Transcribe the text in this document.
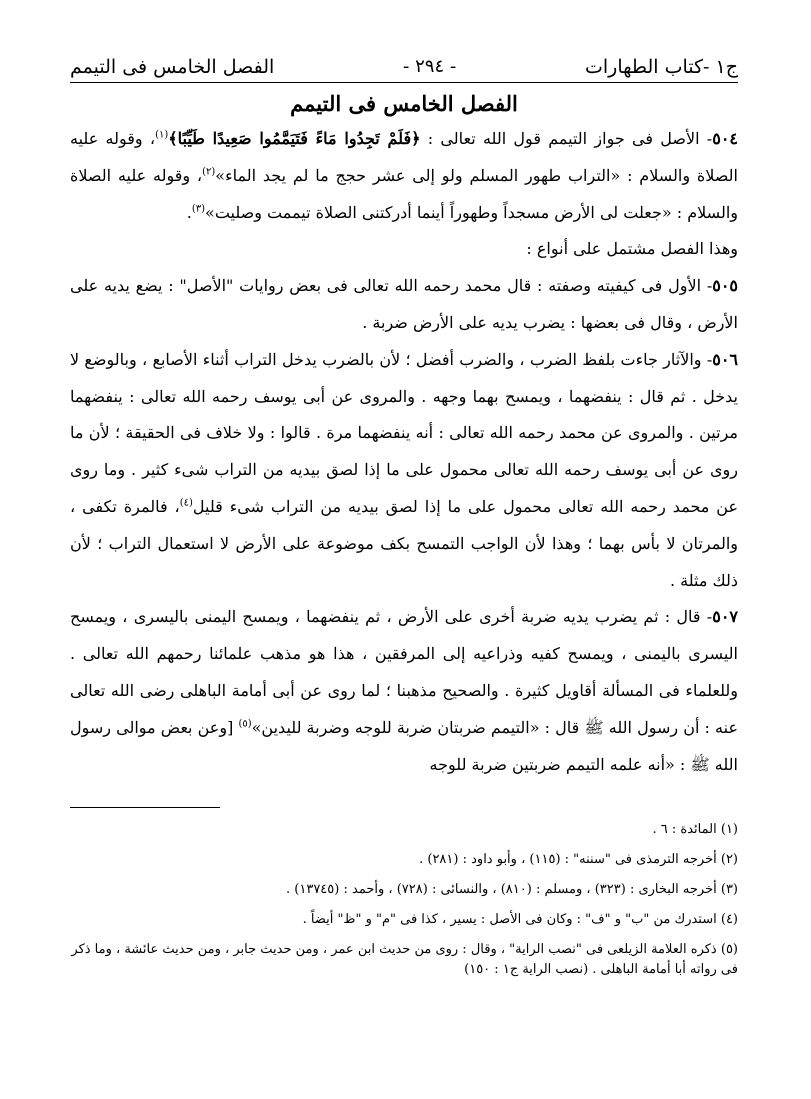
ج١ -كتاب الطهارات
- ٢٩٤ -
الفصل الخامس فى التيمم
الفصل الخامس فى التيمم

٥٠٤- الأصل فى جواز التيمم قول الله تعالى : ﴿فَلَمْ تَجِدُوا مَاءً فَتَيَمَّمُوا صَعِيدًا طَيِّبًا﴾$^{(١)}$، وقوله عليه الصلاة والسلام : «التراب طهور المسلم ولو إلى عشر حجج ما لم يجد الماء»$^{(٢)}$، وقوله عليه الصلاة والسلام : «جعلت لى الأرض مسجداً وطهوراً أينما أدركتنى الصلاة تيممت وصليت»$^{(٣)}$.

وهذا الفصل مشتمل على أنواع :

٥٠٥- الأول فى كيفيته وصفته : قال محمد رحمه الله تعالى فى بعض روايات "الأصل" : يضع يديه على الأرض ، وقال فى بعضها : يضرب يديه على الأرض ضربة .

٥٠٦- والآثار جاءت بلفظ الضرب ، والضرب أفضل ؛ لأن بالضرب يدخل التراب أثناء الأصابع ، وبالوضع لا يدخل . ثم قال : ينفضهما ، ويمسح بهما وجهه . والمروى عن أبى يوسف رحمه الله تعالى : ينفضهما مرتين . والمروى عن محمد رحمه الله تعالى : أنه ينفضهما مرة . قالوا : ولا خلاف فى الحقيقة ؛ لأن ما روى عن أبى يوسف رحمه الله تعالى محمول على ما إذا لصق بيديه من التراب شىء كثير . وما روى عن محمد رحمه الله تعالى محمول على ما إذا لصق بيديه من التراب شىء قليل$^{(٤)}$، فالمرة تكفى ، والمرتان لا بأس بهما ؛ وهذا لأن الواجب التمسح بكف موضوعة على الأرض لا استعمال التراب ؛ لأن ذلك مثلة .

٥٠٧- قال : ثم يضرب يديه ضربة أخرى على الأرض ، ثم ينفضهما ، ويمسح اليمنى باليسرى ، ويمسح اليسرى باليمنى ، ويمسح كفيه وذراعيه إلى المرفقين ، هذا هو مذهب علمائنا رحمهم الله تعالى . وللعلماء فى المسألة أقاويل كثيرة . والصحيح مذهبنا ؛ لما روى عن أبى أمامة الباهلى رضى الله تعالى عنه : أن رسول الله ﷺ قال : «التيمم ضربتان ضربة للوجه وضربة لليدين»$^{(٥)}$ [وعن بعض موالى رسول الله ﷺ : «أنه علمه التيمم ضربتين ضربة للوجه

(١) المائدة : ٦ .

(٢) أخرجه الترمذى فى "سننه" : (١١٥) ، وأبو داود : (٢٨١) .

(٣) أخرجه البخارى : (٣٢٣) ، ومسلم : (٨١٠) ، والنسائى : (٧٢٨) ، وأحمد : (١٣٧٤٥) .

(٤) استدرك من "ب" و "ف" : وكان فى الأصل : يسير ، كذا فى "م" و "ظ" أيضاً .

(٥) ذكره العلامة الزيلعى فى "نصب الراية" ، وقال : روى من حديث ابن عمر ، ومن حديث جابر ، ومن حديث عائشة ، وما ذكر فى رواته أبا أمامة الباهلى . (نصب الراية ج١ : ١٥٠)
